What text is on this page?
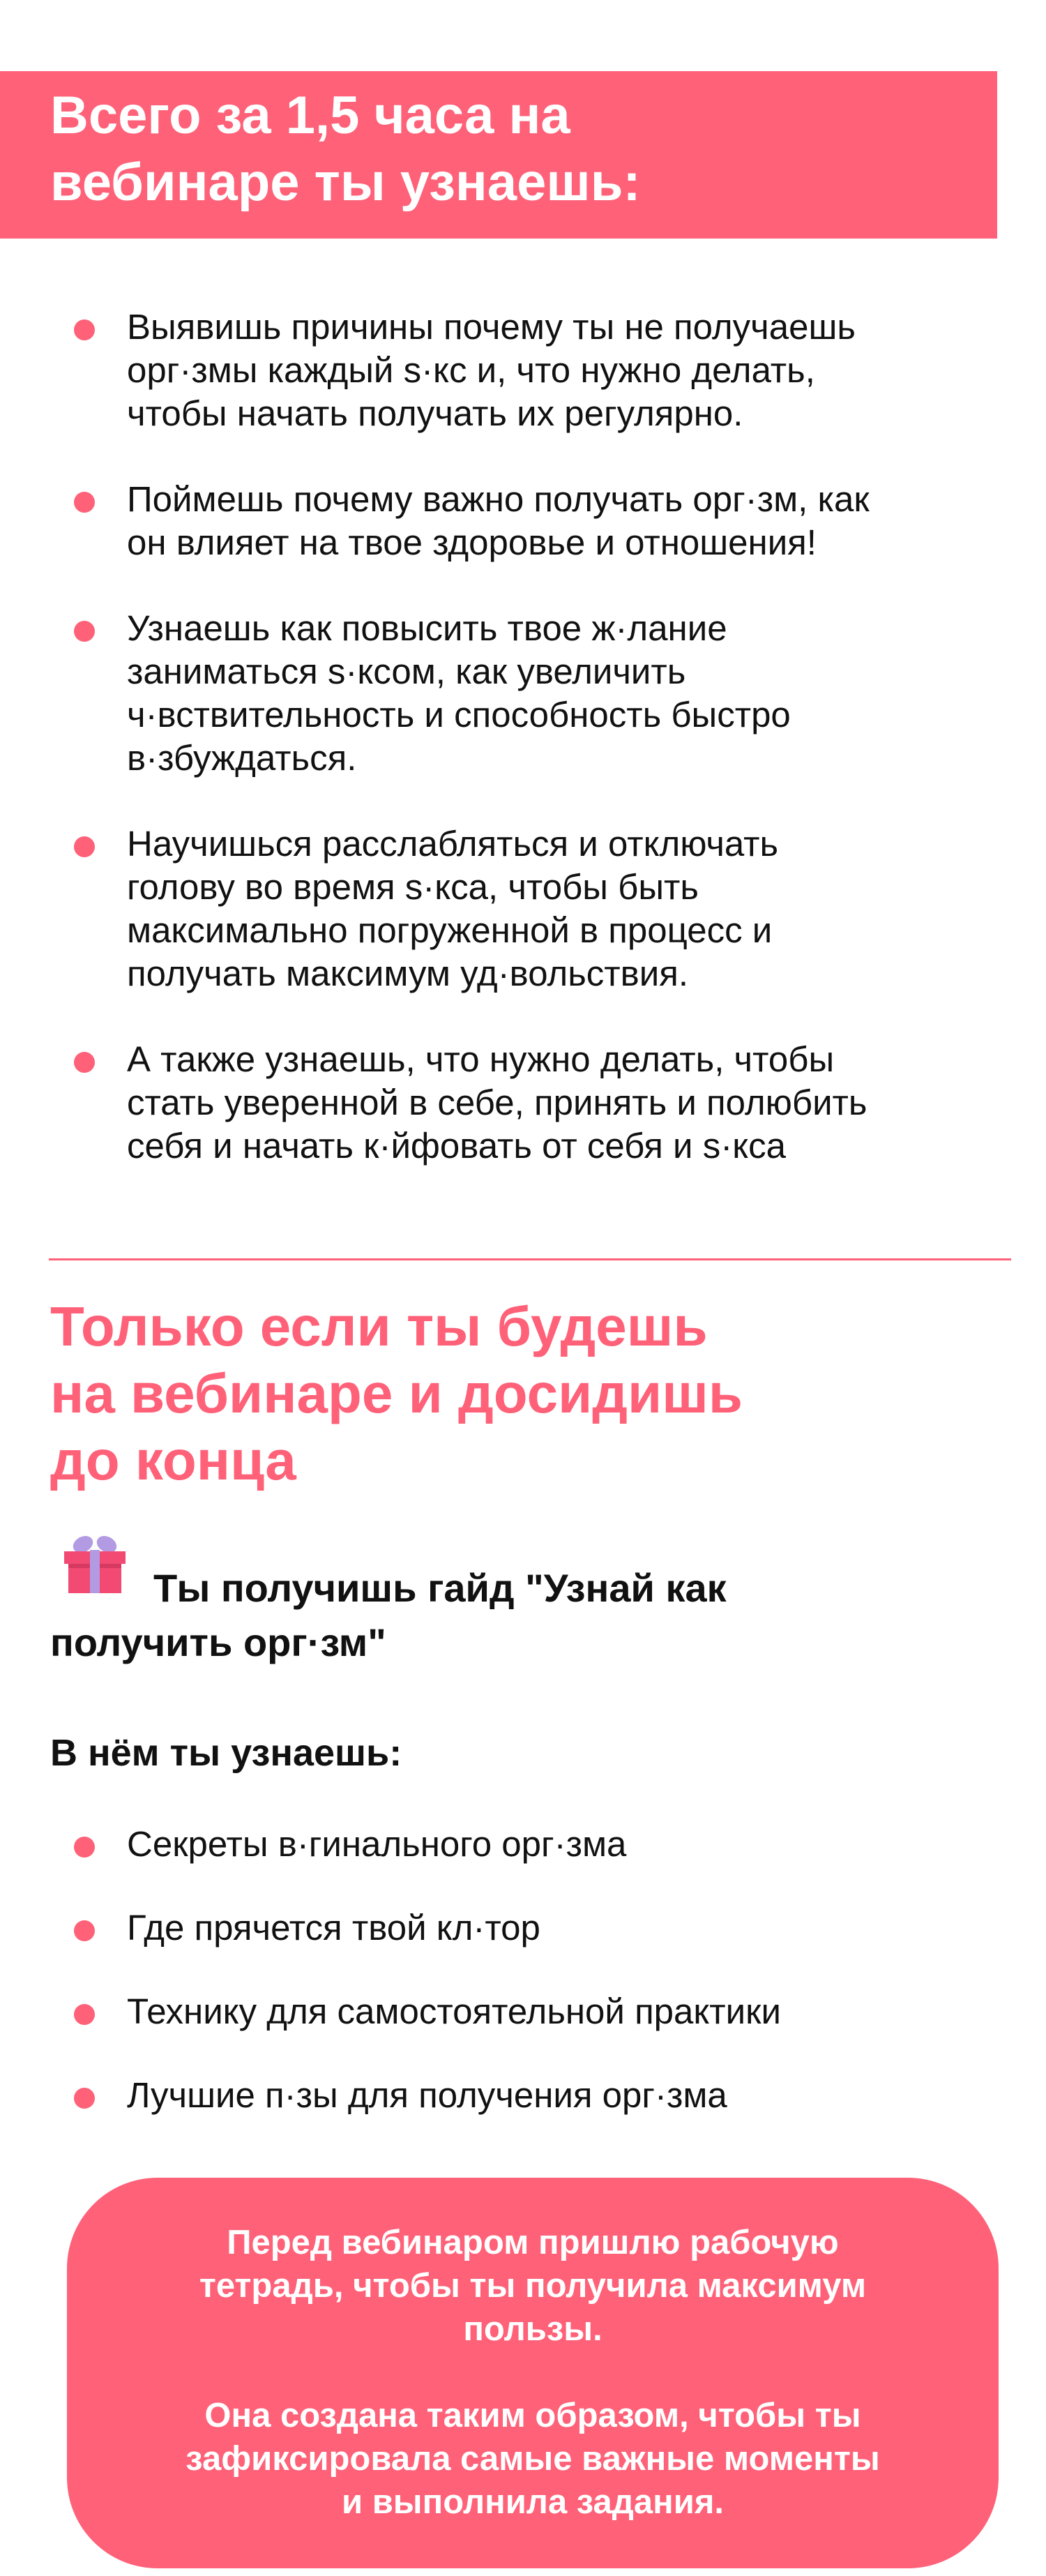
Всего за 1,5 часа на
вебинаре ты узнаешь:
Выявишь причины почему ты не получаешь
орг·змы каждый s·кс и, что нужно делать,
чтобы начать получать их регулярно.
Поймешь почему важно получать орг·зм, как
он влияет на твое здоровье и отношения!
Узнаешь как повысить твое ж·лание
заниматься s·ксом, как увеличить
ч·вствительность и способность быстро
в·збуждаться.
Научишься расслабляться и отключать
голову во время s·кса, чтобы быть
максимально погруженной в процесс и
получать максимум уд·вольствия.
А также узнаешь, что нужно делать, чтобы
стать уверенной в себе, принять и полюбить
себя и начать к·йфовать от себя и s·кса
Только если ты будешь
на вебинаре и досидишь
до конца

Ты получишь гайд "Узнай как
получить орг·зм"

В нём ты узнаешь:
Секреты в·гинального орг·зма
Где прячется твой кл·тор
Технику для самостоятельной практики
Лучшие п·зы для получения орг·зма

Перед вебинаром пришлю рабочую
тетрадь, чтобы ты получила максимум
пользы.

Она создана таким образом, чтобы ты
зафиксировала самые важные моменты
и выполнила задания.
